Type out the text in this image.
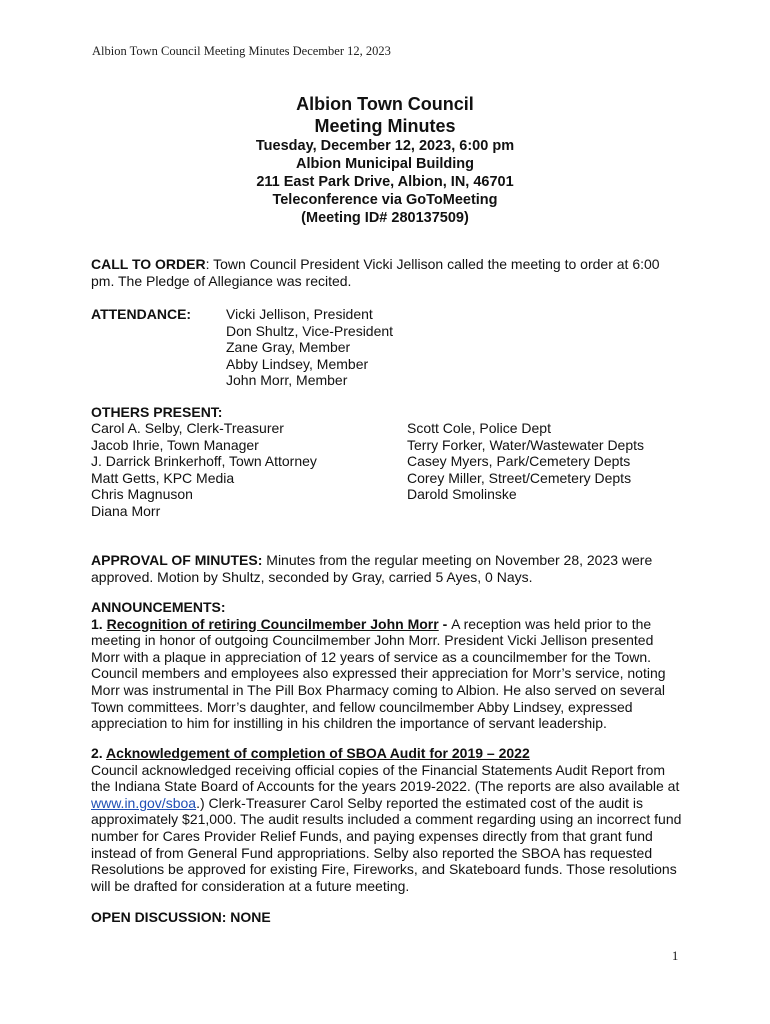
Albion Town Council Meeting Minutes December 12, 2023
Albion Town Council
Meeting Minutes
Tuesday, December 12, 2023, 6:00 pm
Albion Municipal Building
211 East Park Drive, Albion, IN, 46701
Teleconference via GoToMeeting
(Meeting ID# 280137509)
CALL TO ORDER: Town Council President Vicki Jellison called the meeting to order at 6:00
pm. The Pledge of Allegiance was recited.
ATTENDANCE: Vicki Jellison, President
Don Shultz, Vice-President
Zane Gray, Member
Abby Lindsey, Member
John Morr, Member
OTHERS PRESENT:
Carol A. Selby, Clerk-Treasurer
Jacob Ihrie, Town Manager
J. Darrick Brinkerhoff, Town Attorney
Matt Getts, KPC Media
Chris Magnuson
Diana Morr
Scott Cole, Police Dept
Terry Forker, Water/Wastewater Depts
Casey Myers, Park/Cemetery Depts
Corey Miller, Street/Cemetery Depts
Darold Smolinske
APPROVAL OF MINUTES: Minutes from the regular meeting on November 28, 2023 were
approved. Motion by Shultz, seconded by Gray, carried 5 Ayes, 0 Nays.
ANNOUNCEMENTS:
1. Recognition of retiring Councilmember John Morr - A reception was held prior to the
meeting in honor of outgoing Councilmember John Morr. President Vicki Jellison presented
Morr with a plaque in appreciation of 12 years of service as a councilmember for the Town.
Council members and employees also expressed their appreciation for Morr’s service, noting
Morr was instrumental in The Pill Box Pharmacy coming to Albion. He also served on several
Town committees. Morr’s daughter, and fellow councilmember Abby Lindsey, expressed
appreciation to him for instilling in his children the importance of servant leadership.
2. Acknowledgement of completion of SBOA Audit for 2019 – 2022
Council acknowledged receiving official copies of the Financial Statements Audit Report from
the Indiana State Board of Accounts for the years 2019-2022. (The reports are also available at
www.in.gov/sboa.) Clerk-Treasurer Carol Selby reported the estimated cost of the audit is
approximately $21,000. The audit results included a comment regarding using an incorrect fund
number for Cares Provider Relief Funds, and paying expenses directly from that grant fund
instead of from General Fund appropriations. Selby also reported the SBOA has requested
Resolutions be approved for existing Fire, Fireworks, and Skateboard funds. Those resolutions
will be drafted for consideration at a future meeting.
OPEN DISCUSSION: NONE
1
